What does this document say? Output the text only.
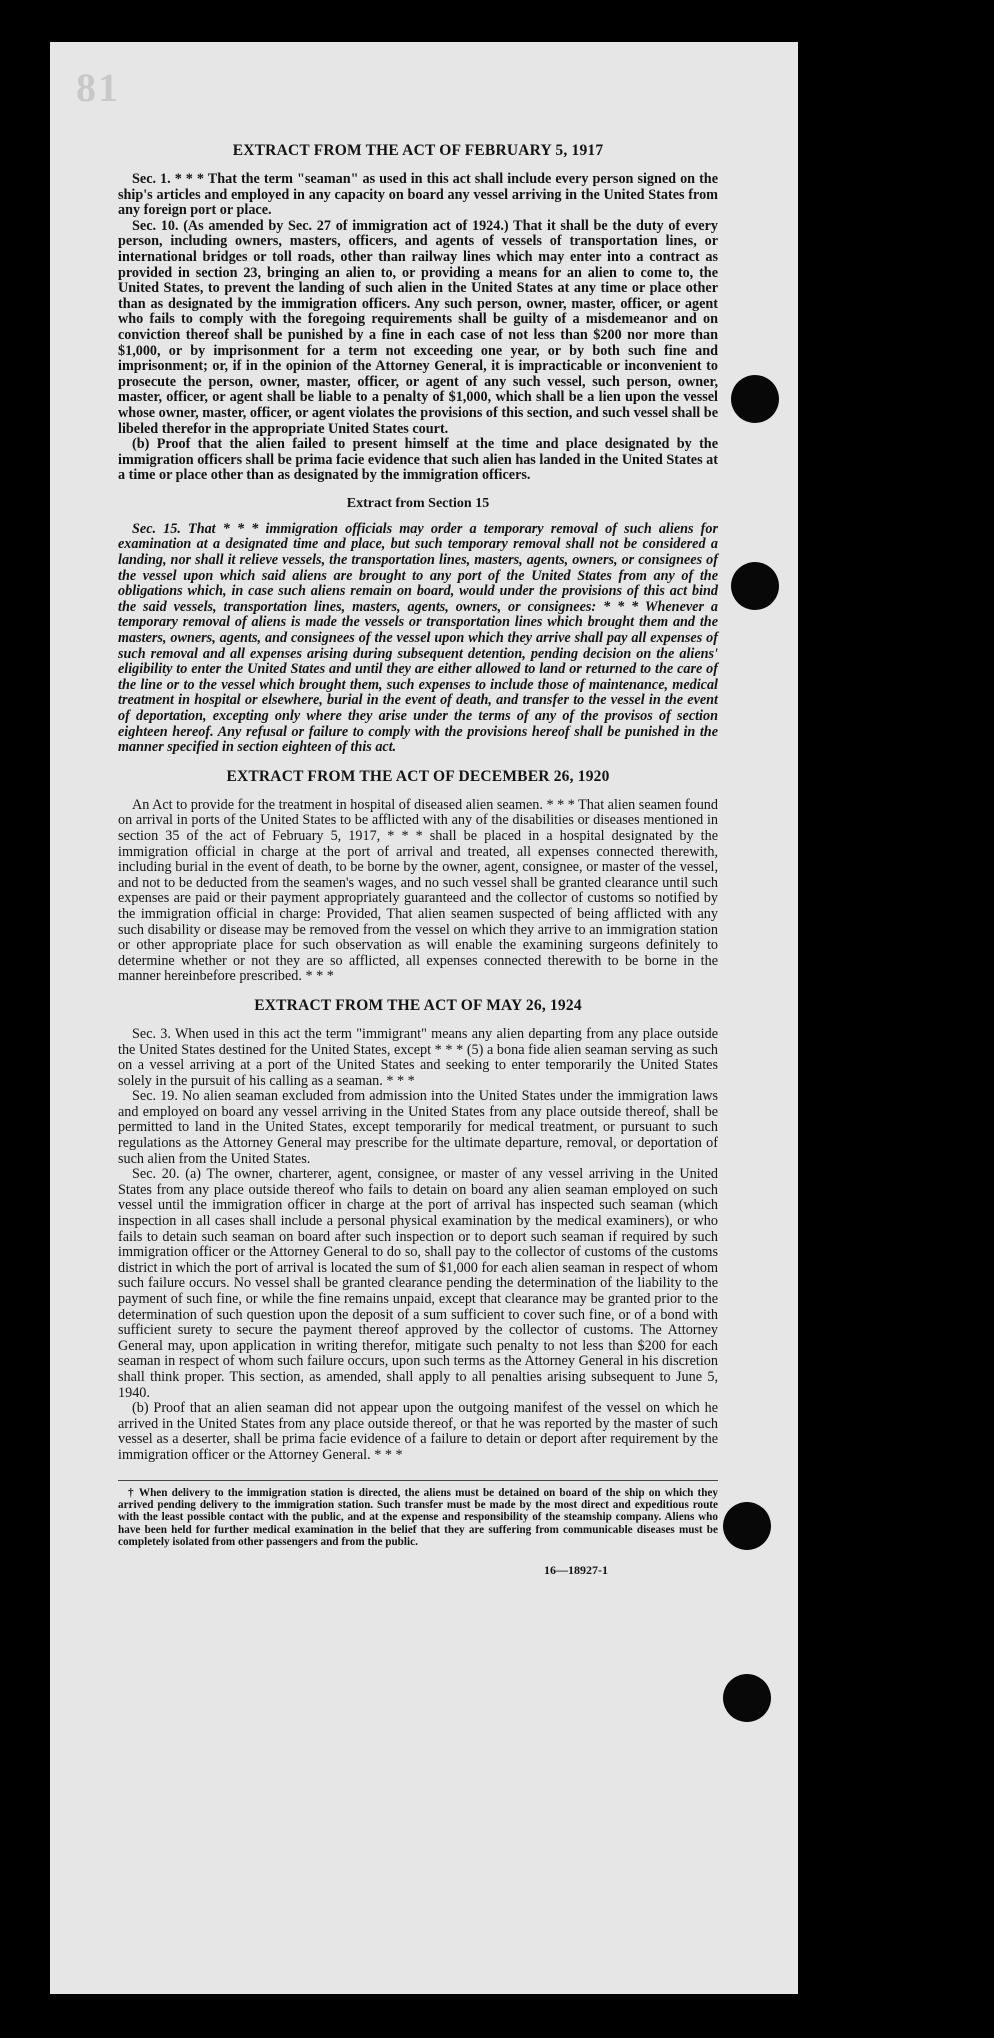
81
EXTRACT FROM THE ACT OF FEBRUARY 5, 1917

Sec. 1. * * * That the term "seaman" as used in this act shall include every person signed on the ship's articles and employed in any capacity on board any vessel arriving in the United States from any foreign port or place.

Sec. 10. (As amended by Sec. 27 of immigration act of 1924.) That it shall be the duty of every person, including owners, masters, officers, and agents of vessels of transportation lines, or international bridges or toll roads, other than railway lines which may enter into a contract as provided in section 23, bringing an alien to, or providing a means for an alien to come to, the United States, to prevent the landing of such alien in the United States at any time or place other than as designated by the immigration officers. Any such person, owner, master, officer, or agent who fails to comply with the foregoing requirements shall be guilty of a misdemeanor and on conviction thereof shall be punished by a fine in each case of not less than $200 nor more than $1,000, or by imprisonment for a term not exceeding one year, or by both such fine and imprisonment; or, if in the opinion of the Attorney General, it is impracticable or inconvenient to prosecute the person, owner, master, officer, or agent of any such vessel, such person, owner, master, officer, or agent shall be liable to a penalty of $1,000, which shall be a lien upon the vessel whose owner, master, officer, or agent violates the provisions of this section, and such vessel shall be libeled therefor in the appropriate United States court.

(b) Proof that the alien failed to present himself at the time and place designated by the immigration officers shall be prima facie evidence that such alien has landed in the United States at a time or place other than as designated by the immigration officers.

Extract from Section 15

Sec. 15. That * * * immigration officials may order a temporary removal of such aliens for examination at a designated time and place, but such temporary removal shall not be considered a landing, nor shall it relieve vessels, the transportation lines, masters, agents, owners, or consignees of the vessel upon which said aliens are brought to any port of the United States from any of the obligations which, in case such aliens remain on board, would under the provisions of this act bind the said vessels, transportation lines, masters, agents, owners, or consignees: * * * Whenever a temporary removal of aliens is made the vessels or transportation lines which brought them and the masters, owners, agents, and consignees of the vessel upon which they arrive shall pay all expenses of such removal and all expenses arising during subsequent detention, pending decision on the aliens' eligibility to enter the United States and until they are either allowed to land or returned to the care of the line or to the vessel which brought them, such expenses to include those of maintenance, medical treatment in hospital or elsewhere, burial in the event of death, and transfer to the vessel in the event of deportation, excepting only where they arise under the terms of any of the provisos of section eighteen hereof. Any refusal or failure to comply with the provisions hereof shall be punished in the manner specified in section eighteen of this act.

EXTRACT FROM THE ACT OF DECEMBER 26, 1920

An Act to provide for the treatment in hospital of diseased alien seamen. * * * That alien seamen found on arrival in ports of the United States to be afflicted with any of the disabilities or diseases mentioned in section 35 of the act of February 5, 1917, * * * shall be placed in a hospital designated by the immigration official in charge at the port of arrival and treated, all expenses connected therewith, including burial in the event of death, to be borne by the owner, agent, consignee, or master of the vessel, and not to be deducted from the seamen's wages, and no such vessel shall be granted clearance until such expenses are paid or their payment appropriately guaranteed and the collector of customs so notified by the immigration official in charge: Provided, That alien seamen suspected of being afflicted with any such disability or disease may be removed from the vessel on which they arrive to an immigration station or other appropriate place for such observation as will enable the examining surgeons definitely to determine whether or not they are so afflicted, all expenses connected therewith to be borne in the manner hereinbefore prescribed. * * *

EXTRACT FROM THE ACT OF MAY 26, 1924

Sec. 3. When used in this act the term "immigrant" means any alien departing from any place outside the United States destined for the United States, except * * * (5) a bona fide alien seaman serving as such on a vessel arriving at a port of the United States and seeking to enter temporarily the United States solely in the pursuit of his calling as a seaman. * * *

Sec. 19. No alien seaman excluded from admission into the United States under the immigration laws and employed on board any vessel arriving in the United States from any place outside thereof, shall be permitted to land in the United States, except temporarily for medical treatment, or pursuant to such regulations as the Attorney General may prescribe for the ultimate departure, removal, or deportation of such alien from the United States.

Sec. 20. (a) The owner, charterer, agent, consignee, or master of any vessel arriving in the United States from any place outside thereof who fails to detain on board any alien seaman employed on such vessel until the immigration officer in charge at the port of arrival has inspected such seaman (which inspection in all cases shall include a personal physical examination by the medical examiners), or who fails to detain such seaman on board after such inspection or to deport such seaman if required by such immigration officer or the Attorney General to do so, shall pay to the collector of customs of the customs district in which the port of arrival is located the sum of $1,000 for each alien seaman in respect of whom such failure occurs. No vessel shall be granted clearance pending the determination of the liability to the payment of such fine, or while the fine remains unpaid, except that clearance may be granted prior to the determination of such question upon the deposit of a sum sufficient to cover such fine, or of a bond with sufficient surety to secure the payment thereof approved by the collector of customs. The Attorney General may, upon application in writing therefor, mitigate such penalty to not less than $200 for each seaman in respect of whom such failure occurs, upon such terms as the Attorney General in his discretion shall think proper. This section, as amended, shall apply to all penalties arising subsequent to June 5, 1940.

(b) Proof that an alien seaman did not appear upon the outgoing manifest of the vessel on which he arrived in the United States from any place outside thereof, or that he was reported by the master of such vessel as a deserter, shall be prima facie evidence of a failure to detain or deport after requirement by the immigration officer or the Attorney General. * * *

† When delivery to the immigration station is directed, the aliens must be detained on board of the ship on which they arrived pending delivery to the immigration station. Such transfer must be made by the most direct and expeditious route with the least possible contact with the public, and at the expense and responsibility of the steamship company. Aliens who have been held for further medical examination in the belief that they are suffering from communicable diseases must be completely isolated from other passengers and from the public.

16—18927-1
